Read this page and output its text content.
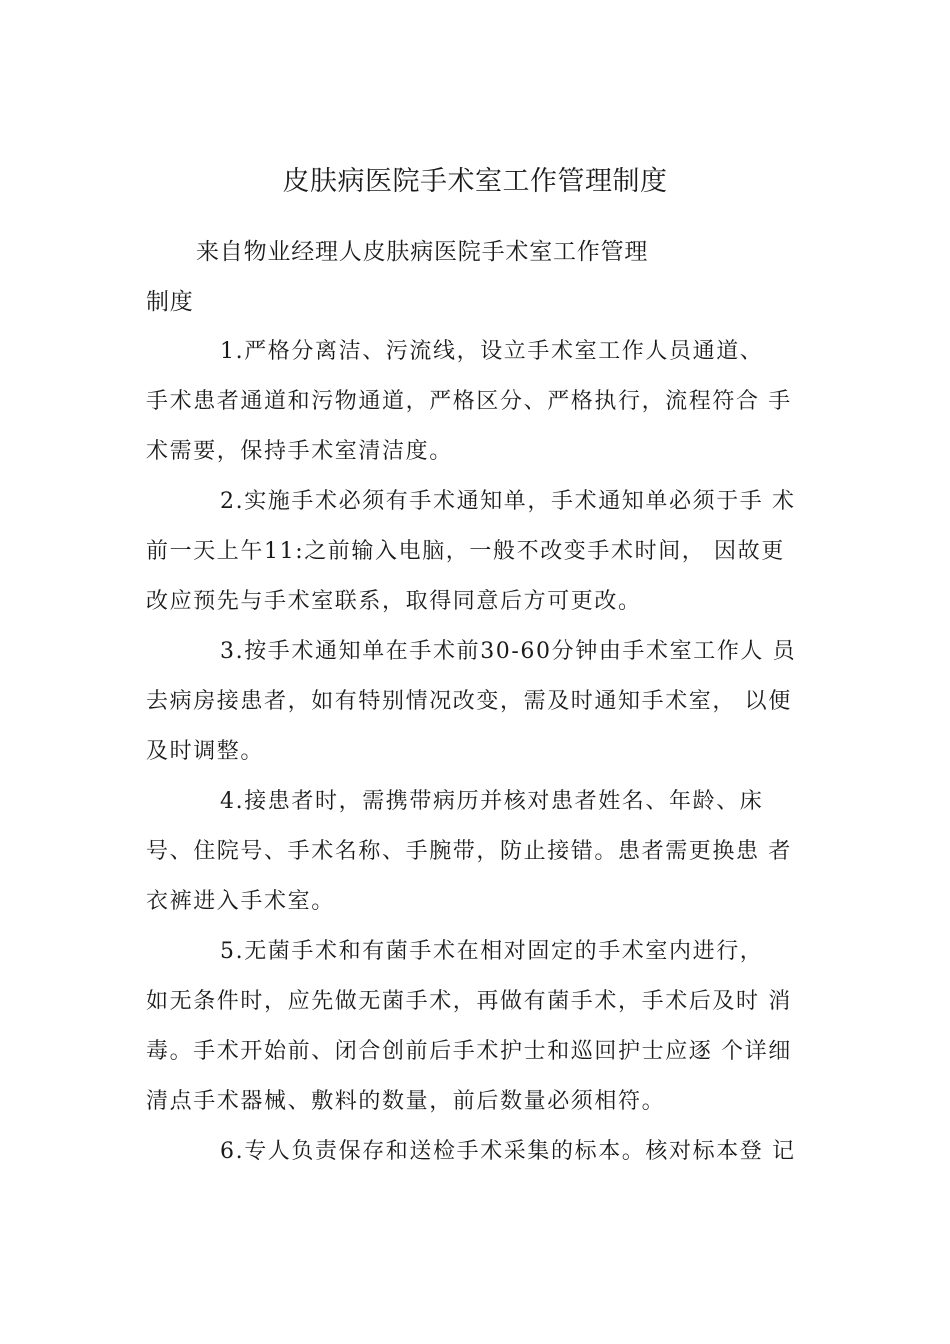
皮肤病医院手术室工作管理制度

来自物业经理人皮肤病医院手术室工作管理

制度

1.严格分离洁、污流线，设立手术室工作人员通道、

手术患者通道和污物通道，严格区分、严格执行，流程符合 手

术需要，保持手术室清洁度。

2.实施手术必须有手术通知单，手术通知单必须于手 术

前一天上午11:之前输入电脑，一般不改变手术时间， 因故更

改应预先与手术室联系，取得同意后方可更改。

3.按手术通知单在手术前30-60分钟由手术室工作人 员

去病房接患者，如有特别情况改变，需及时通知手术室， 以便

及时调整。

4.接患者时，需携带病历并核对患者姓名、年龄、床

号、住院号、手术名称、手腕带，防止接错。患者需更换患 者

衣裤进入手术室。

5.无菌手术和有菌手术在相对固定的手术室内进行，

如无条件时，应先做无菌手术，再做有菌手术，手术后及时 消

毒。手术开始前、闭合创前后手术护士和巡回护士应逐 个详细

清点手术器械、敷料的数量，前后数量必须相符。

6.专人负责保存和送检手术采集的标本。核对标本登 记
